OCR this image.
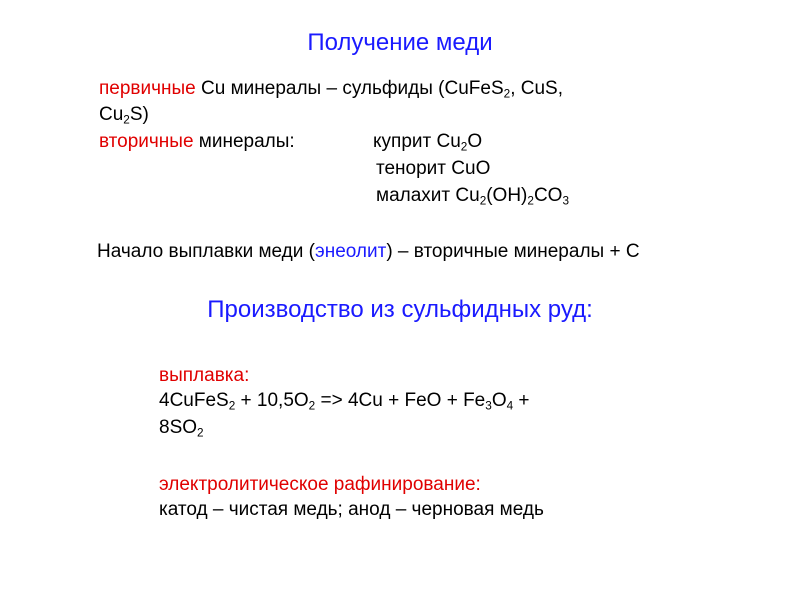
Получение меди
первичные Cu минералы – сульфиды (CuFeS$_2$, CuS,
$Cu_2S$)
вторичные минералы:	куприт $Cu_2O$
тенорит CuO
малахит $Cu_2(OH)_2CO_3$
Начало выплавки меди (энеолит) – вторичные минералы + С
Производство из сульфидных руд:
выплавка:
4CuFeS$_2$ + $10,5O_2 => 4Cu$ + FeO + $Fe_3O_4$ +
$8SO_2$
электролитическое рафинирование:
катод – чистая медь; анод – черновая медь
